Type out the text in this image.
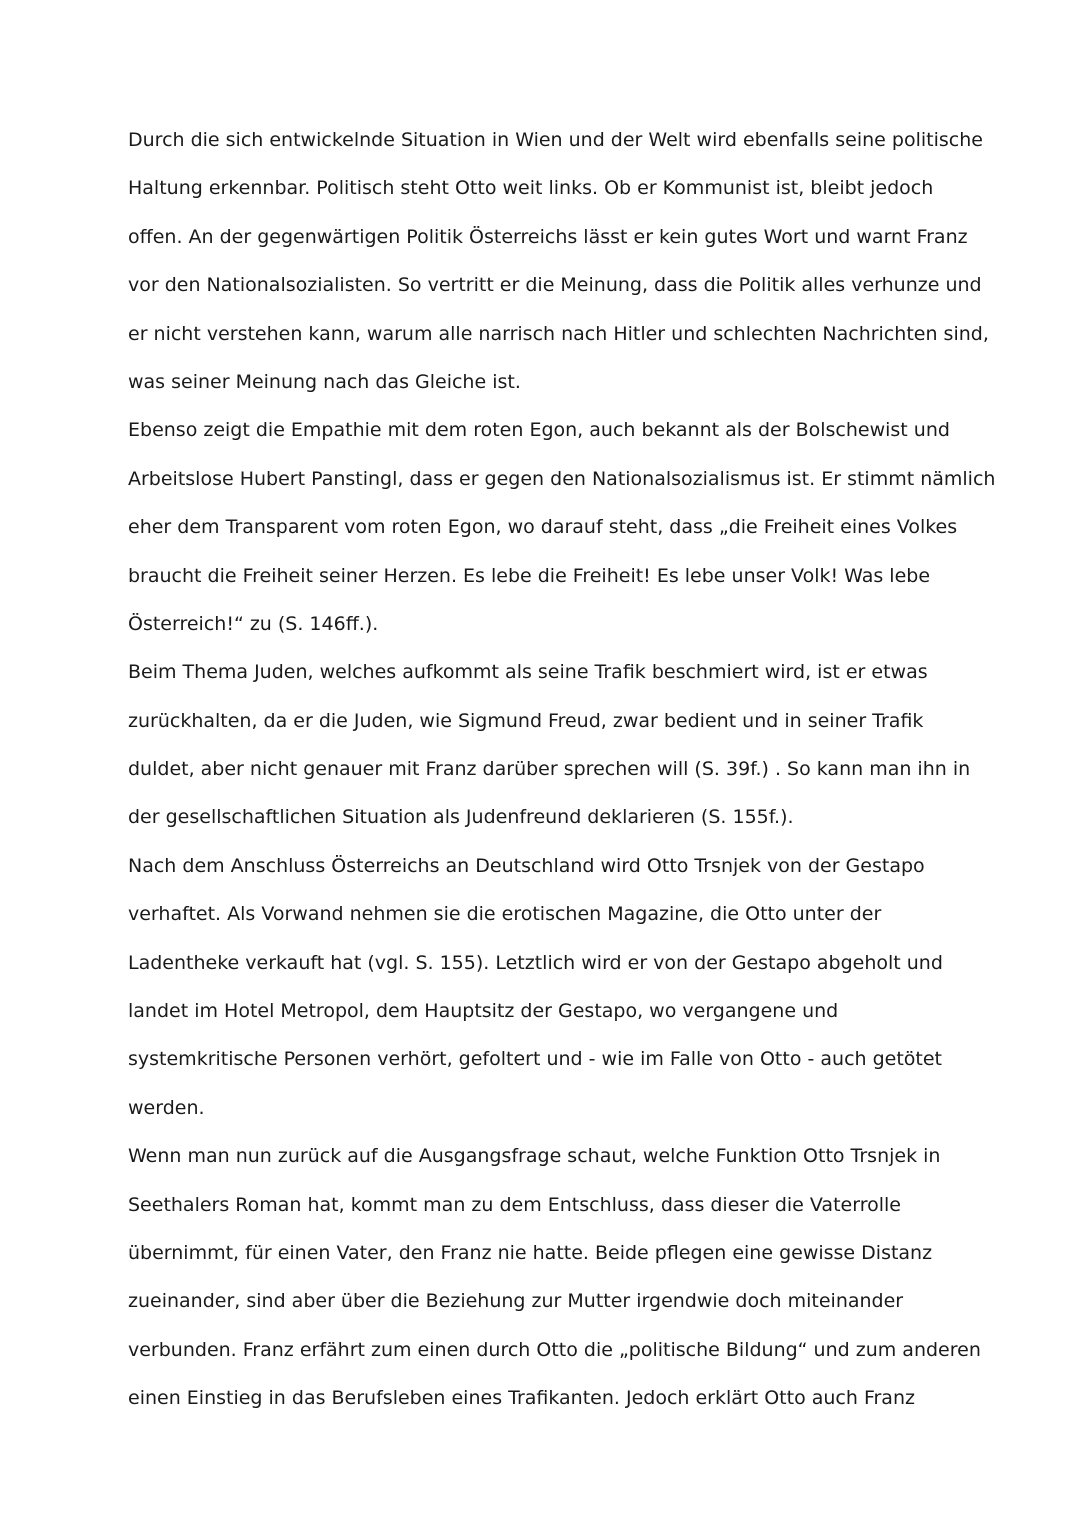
Durch die sich entwickelnde Situation in Wien und der Welt wird ebenfalls seine politische
Haltung erkennbar. Politisch steht Otto weit links. Ob er Kommunist ist, bleibt jedoch
offen. An der gegenwärtigen Politik Österreichs lässt er kein gutes Wort und warnt Franz
vor den Nationalsozialisten. So vertritt er die Meinung, dass die Politik alles verhunze und
er nicht verstehen kann, warum alle narrisch nach Hitler und schlechten Nachrichten sind,
was seiner Meinung nach das Gleiche ist.
Ebenso zeigt die Empathie mit dem roten Egon, auch bekannt als der Bolschewist und
Arbeitslose Hubert Panstingl, dass er gegen den Nationalsozialismus ist. Er stimmt nämlich
eher dem Transparent vom roten Egon, wo darauf steht, dass „die Freiheit eines Volkes
braucht die Freiheit seiner Herzen. Es lebe die Freiheit! Es lebe unser Volk! Was lebe
Österreich!“ zu (S. 146ff.).
Beim Thema Juden, welches aufkommt als seine Trafik beschmiert wird, ist er etwas
zurückhalten, da er die Juden, wie Sigmund Freud, zwar bedient und in seiner Trafik
duldet, aber nicht genauer mit Franz darüber sprechen will (S. 39f.) . So kann man ihn in
der gesellschaftlichen Situation als Judenfreund deklarieren (S. 155f.).
Nach dem Anschluss Österreichs an Deutschland wird Otto Trsnjek von der Gestapo
verhaftet. Als Vorwand nehmen sie die erotischen Magazine, die Otto unter der
Ladentheke verkauft hat (vgl. S. 155). Letztlich wird er von der Gestapo abgeholt und
landet im Hotel Metropol, dem Hauptsitz der Gestapo, wo vergangene und
systemkritische Personen verhört, gefoltert und - wie im Falle von Otto - auch getötet
werden.
Wenn man nun zurück auf die Ausgangsfrage schaut, welche Funktion Otto Trsnjek in
Seethalers Roman hat, kommt man zu dem Entschluss, dass dieser die Vaterrolle
übernimmt, für einen Vater, den Franz nie hatte. Beide pflegen eine gewisse Distanz
zueinander, sind aber über die Beziehung zur Mutter irgendwie doch miteinander
verbunden. Franz erfährt zum einen durch Otto die „politische Bildung“ und zum anderen
einen Einstieg in das Berufsleben eines Trafikanten. Jedoch erklärt Otto auch Franz
